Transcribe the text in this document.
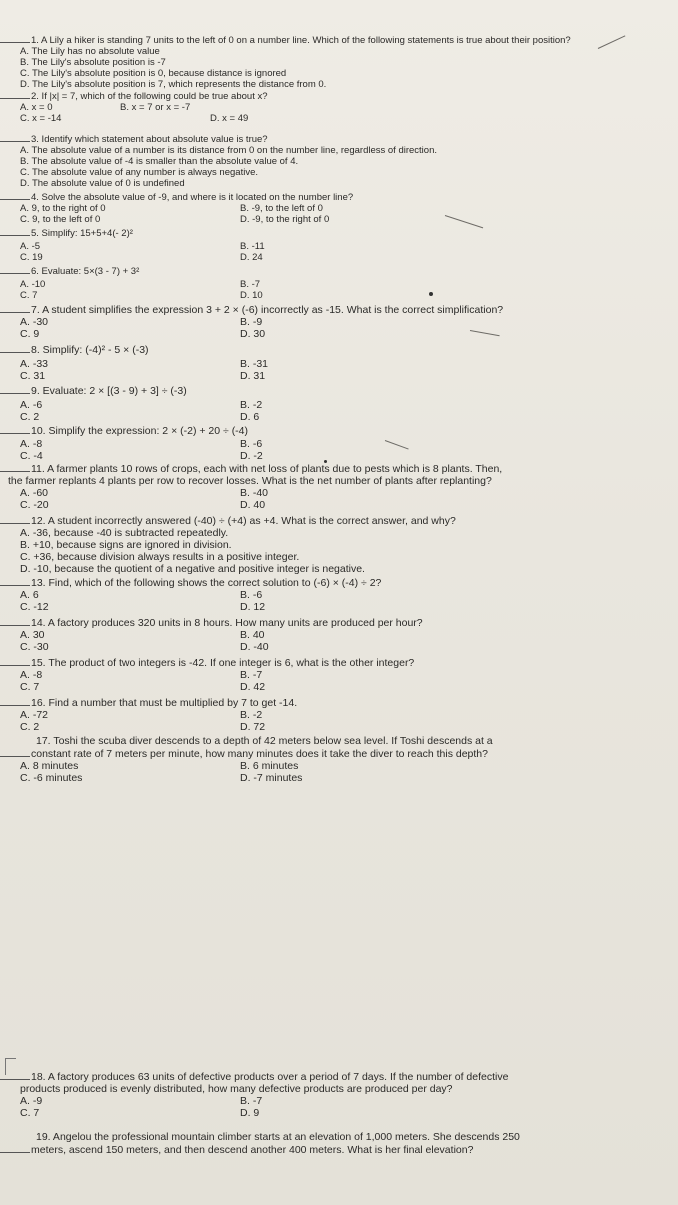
1. A Lily a hiker is standing 7 units to the left of 0 on a number line. Which of the following statements is true about their position?
A. The Lily has no absolute value
B. The Lily's absolute position is -7
C. The Lily's absolute position is 0, because distance is ignored
D. The Lily's absolute position is 7, which represents the distance from 0.
2. If |x| = 7, which of the following could be true about x?
A. x = 0	B. x = 7 or x = -7
C. x = -14	D. x = 49
3. Identify which statement about absolute value is true?
A. The absolute value of a number is its distance from 0 on the number line, regardless of direction.
B. The absolute value of -4 is smaller than the absolute value of 4.
C. The absolute value of any number is always negative.
D. The absolute value of 0 is undefined
4. Solve the absolute value of -9, and where is it located on the number line?
A. 9, to the right of 0	B. -9, to the left of 0
C. 9, to the left of 0	D. -9, to the right of 0
5. Simplify: 15+5+4(- 2)²
A. -5	B. -11
C. 19	D. 24
6. Evaluate: 5×(3 - 7) + 3²
A. -10	B. -7
C. 7	D. 10
7. A student simplifies the expression 3 + 2 × (-6) incorrectly as -15. What is the correct simplification?
A. -30	B. -9
C. 9	D. 30
8. Simplify: (-4)² - 5 × (-3)
A. -33	B. -31
C. 31	D. 31
9. Evaluate: 2 × [(3 - 9) + 3] ÷ (-3)
A. -6	B. -2
C. 2	D. 6
10. Simplify the expression: 2 × (-2) + 20 ÷ (-4)
A. -8	B. -6
C. -4	D. -2
11. A farmer plants 10 rows of crops, each with net loss of plants due to pests which is 8 plants. Then,
the farmer replants 4 plants per row to recover losses. What is the net number of plants after replanting?
A. -60	B. -40
C. -20	D. 40
12. A student incorrectly answered (-40) ÷ (+4) as +4. What is the correct answer, and why?
A. -36, because -40 is subtracted repeatedly.
B. +10, because signs are ignored in division.
C. +36, because division always results in a positive integer.
D. -10, because the quotient of a negative and positive integer is negative.
13. Find, which of the following shows the correct solution to (-6) × (-4) ÷ 2?
A. 6	B. -6
C. -12	D. 12
14. A factory produces 320 units in 8 hours. How many units are produced per hour?
A. 30	B. 40
C. -30	D. -40
15. The product of two integers is -42. If one integer is 6, what is the other integer?
A. -8	B. -7
C. 7	D. 42
16. Find a number that must be multiplied by 7 to get -14.
A. -72	B. -2
C. 2	D. 72
17. Toshi the scuba diver descends to a depth of 42 meters below sea level. If Toshi descends at a
constant rate of 7 meters per minute, how many minutes does it take the diver to reach this depth?
A. 8 minutes	B. 6 minutes
C. -6 minutes	D. -7 minutes
18. A factory produces 63 units of defective products over a period of 7 days. If the number of defective
products produced is evenly distributed, how many defective products are produced per day?
A. -9	B. -7
C. 7	D. 9
19. Angelou the professional mountain climber starts at an elevation of 1,000 meters. She descends 250
meters, ascend 150 meters, and then descend another 400 meters. What is her final elevation?
